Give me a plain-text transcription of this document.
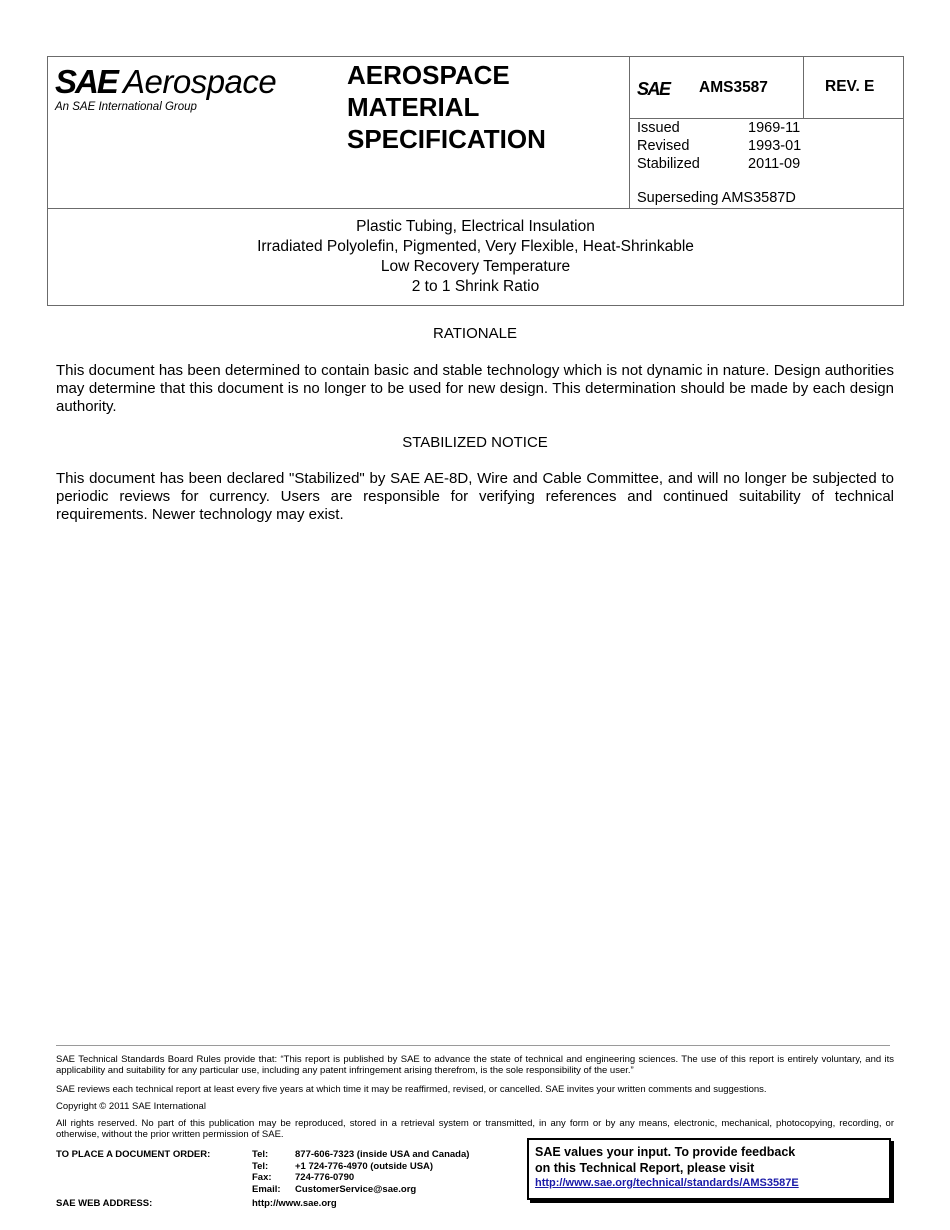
SAE Aerospace
An SAE International Group
AEROSPACE
MATERIAL
SPECIFICATION
SAE AMS3587	REV. E
Issued	1969-11
Revised	1993-01
Stabilized	2011-09
Superseding AMS3587D
Plastic Tubing, Electrical Insulation
Irradiated Polyolefin, Pigmented, Very Flexible, Heat-Shrinkable
Low Recovery Temperature
2 to 1 Shrink Ratio
RATIONALE
This document has been determined to contain basic and stable technology which is not dynamic in nature. Design authorities may determine that this document is no longer to be used for new design. This determination should be made by each design authority.
STABILIZED NOTICE
This document has been declared "Stabilized" by SAE AE-8D, Wire and Cable Committee, and will no longer be subjected to periodic reviews for currency. Users are responsible for verifying references and continued suitability of technical requirements. Newer technology may exist.
SAE Technical Standards Board Rules provide that: “This report is published by SAE to advance the state of technical and engineering sciences. The use of this report is entirely voluntary, and its applicability and suitability for any particular use, including any patent infringement arising therefrom, is the sole responsibility of the user.”
SAE reviews each technical report at least every five years at which time it may be reaffirmed, revised, or cancelled. SAE invites your written comments and suggestions.
Copyright © 2011 SAE International
All rights reserved. No part of this publication may be reproduced, stored in a retrieval system or transmitted, in any form or by any means, electronic, mechanical, photocopying, recording, or otherwise, without the prior written permission of SAE.
TO PLACE A DOCUMENT ORDER:	Tel:	877-606-7323 (inside USA and Canada)
Tel:	+1 724-776-4970 (outside USA)
Fax: 724-776-0790
Email: CustomerService@sae.org
SAE WEB ADDRESS:	http://www.sae.org
SAE values your input. To provide feedback
on this Technical Report, please visit
http://www.sae.org/technical/standards/AMS3587E
